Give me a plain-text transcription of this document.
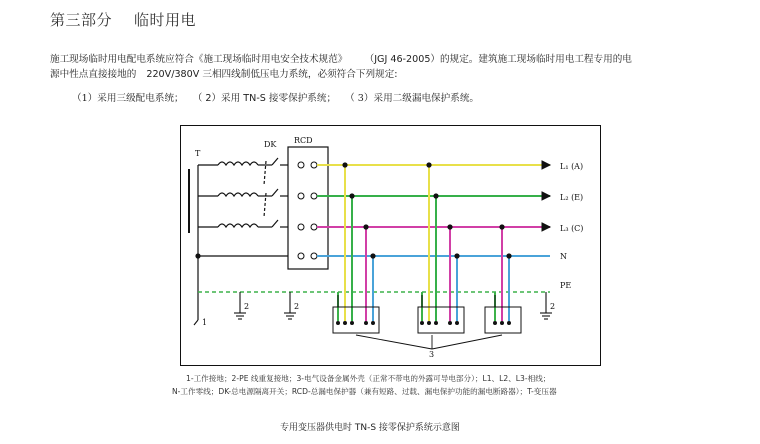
第三部分 临时用电
施工现场临时用电配电系统应符合《施工现场临时用电安全技术规范》 （JGJ 46-2005）的规定。建筑施工现场临时用电工程专用的电
源中性点直接接地的 220V/380V 三相四线制低压电力系统，必须符合下列规定:
（1）采用三级配电系统； （ 2）采用 TN-S 接零保护系统； （ 3）采用二级漏电保护系统。
T
DK RCD
L₁ (A)
L₂ (E)
L₃ (C)
N
PE
1
2	2	2
3
1-工作接地；2-PE 线重复接地；3-电气设备金属外壳（正常不带电的外露可导电部分）；L1、L2、L3-相线；
N-工作零线；DK-总电源隔离开关；RCD-总漏电保护器（兼有短路、过载、漏电保护功能的漏电断路器）；T-变压器
专用变压器供电时 TN-S 接零保护系统示意图
